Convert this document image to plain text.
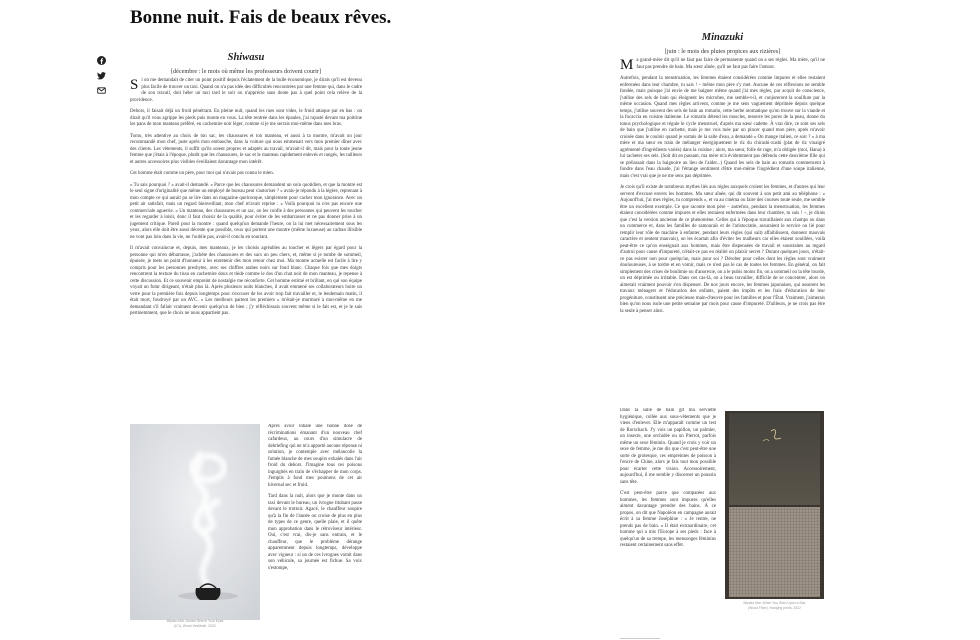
Bonne nuit. Fais de beaux rêves.
Shiwasu
[décembre : le mois où même les professeurs doivent courir]

Si on me demandait de citer un point positif depuis l'éclatement de la bulle économique, je dirais qu'il est devenu plus facile de trouver un taxi. Quand on n'a pas idée des difficultés rencontrées par une femme qui, dans le cadre de son travail, doit héler un taxi tard le soir on n'apprécie sans doute pas à quel point cela relève de la providence.

Dehors, il faisait déjà un froid pénétrant. En pleine nuit, quand les rues sont vides, le froid attaque par en bas : on dirait qu'il vous agrippe les pieds puis monte en vous. La tête rentrée dans les épaules, j'ai rajusté devant ma poitrine les pans de mon manteau préféré, en cachemire noir léger, comme si je me serrais moi-même dans mes bras.

Tomo, très attentive au choix de ton sac, tes chaussures et ton manteau, et aussi à ta montre, m'avait un jour recommandé mon chef, juste après mon embauche, dans la voiture qui nous emmenait vers mon premier dîner avec des clients. Les vêtements, il suffit qu'ils soient propres et adaptés au travail, m'avait-il dit, mais pour la toute jeune femme que j'étais à l'époque, plutôt que les chaussures, le sac et le manteau rapidement enlevés et rangés, les tailleurs et autres accessoires plus visibles éveillaient davantage mon intérêt.

Cet homme était comme un père, pour moi qui n'avais pas connu le mien.

« Tu sais pourquoi ? » avait-il demandé. « Parce que les chaussures demandent un soin quotidien, et que la montre est le seul signe d'originalité que même un employé de bureau peut s'autoriser ? » avais-je répondu à la légère, reprenant à mon compte ce qui aurait pu se lire dans un magazine quelconque, simplement pour cacher mon ignorance. Avec un petit air satisfait, mais un regard bienveillant, mon chef m'avait reprise : « Voilà pourquoi tu n'es pas encore une commerciale aguerrie. » Un manteau, des chaussures et un sac, on les confie à des personnes qui peuvent les toucher et les regarder à loisir, donc il faut choisir de la qualité, pour éviter de les embarrasser et ne pas donner prise à un jugement critique. Pareil pour la montre : quand quelqu'un demande l'heure, on la lui met nécessairement sous les yeux, alors elle doit être aussi décente que possible, ceux qui portent une montre (même luxueuse) au cadran illisible ne vont pas loin dans la vie, ne l'oublie pas, avait-il conclu en souriant.

Il m'avait convaincue et, depuis, mes manteaux, je les choisis agréables au toucher et légers par égard pour la personne qui m'en débarrasse, j'achète des chaussures et des sacs un peu chers, et, même si je tombe de sommeil, épuisée, je mets un point d'honneur à les entretenir dès mon retour chez moi. Ma montre actuelle est facile à lire y compris pour les personnes presbytes, avec ses chiffres arabes noirs sur fond blanc. Chaque fois que mes doigts rencontrent la texture du tissu en cachemire doux et tiède comme le dos d'un chat noir de mon manteau, je repense à cette discussion. Et ce souvenir empreint de nostalgie me réconforte. Cet homme estimé et brillant, en qui son équipe voyait un futur dirigeant, n'était plus là. Après plusieurs nuits blanches, il avait emmené ses collaborateurs boire un verre pour la première fois depuis longtemps pour s'excuser de les avoir trop fait travailler et, le lendemain matin, il était mort, foudroyé par un AVC. « Les meilleurs partent les premiers » m'était-je murmuré à moi-même en me demandant s'il fallait vraiment devenir quelqu'un de bien ; j'y réfléchissais souvent même si le fait est, et je le sais pertinemment, que le choix ne nous appartient pas.

Miyako Mai, Dream Sets in Your Eyes
(ICI), Wood Vestibule, 2022

Après avoir inhalé une bonne dose de récriminations émanant d'un nouveau chef cafardeux, au cours d'un simulacre de debriefing qui ne m'a apporté aucune réponse ni solution, je contemple avec mélancolie la fumée blanche de mes soupirs exhalés dans l'air froid du dehors. J'imagine tous ces poisons ingurgités en train de s'échapper de mon corps. J'emplis à fond mes poumons de cet air hivernal sec et froid.

Tard dans la nuit, alors que je monte dans un taxi devant le bureau, un ivrogne titubant passe devant le trottoir. Agacé, le chauffeur soupire qu'à la fin de l'année on croise de plus en plus de types de ce genre, quelle plaie, et il quête mon approbation dans le rétroviseur intérieur. Oui, c'est vrai, dis-je sans entrain, et le chauffeur, que le problème dérange apparemment depuis longtemps, développe avec vigueur : si un de ces ivrognes vomit dans son véhicule, sa journée est fichue. Sa voix s'estompe,

Minazuki
[juin : le mois des pluies propices aux rizières]

Ma grand-mère dit qu'il ne faut pas faire de permanente quand on a ses règles. Ma mère, qu'il ne faut pas prendre de bain. Ma sœur aînée, qu'il ne faut pas faire l'amour.

Autrefois, pendant la menstruation, les femmes étaient considérées comme impures et elles restaient enfermées dans leur chambre, tu sais ! – même mon père s'y met. Aucune de ces réflexions ne semble fondée, mais puisque j'ai envie de me baigner même quand j'ai mes règles, par acquit de conscience, j'utilise des sels de bain qui éloignent les microbes, me semble-t-il, et conjureront la souillure par la même occasion. Quand mes règles arrivent, comme je me sens vaguement déprimée depuis quelque temps, j'utilise souvent des sels de bain au romarin, cette herbe aromatique qu'on trouve sur la viande et la focaccia en cuisine italienne. Le romarin détend les muscles, resserre les pores de la peau, donne du tonus psychologique et régule le cycle menstruel, d'après ma sœur cadette. À vrai dire, ce sont ses sels de bain que j'utilise en cachette, mais je me vois tuée par un pincer quand mon père, après m'avoir croisée dans le couloir quand je sortais de la salle d'eau, a demandé « On mange italien, ce soir ? » à ma mère et ma sœur en train de mélanger énergiquement le riz du chirashi-zushi (plat de riz vinaigré agrémenté d'ingrédients variés) dans la cuisine ; alors, ma sœur, folle de rage, m'a obligée (moi, Hana) à lui racheter ses sels. (Soit dit en passant, ma mère m'a évidemment pas défendu cette deuxième fille qui se prélassait dans la baignoire au lieu de l'aider...) Quand les sels de bain au romarin commencent à fondre dans l'eau chaude, j'ai l'étrange sentiment d'être moi-même l'ingrédient d'une soupe italienne, mais c'est vrai que je ne me sens pas déprimée.

Je crois qu'il existe de nombreux mythes liés aux règles auxquels croient les femmes, et d'autres qui leur servent d'excuse envers les hommes. Ma sœur aînée, qui dit souvent à son petit ami au téléphone : « Aujourd'hui, j'ai mes règles, tu comprends », et va au cinéma ou faire des courses toute seule, me semble être un excellent exemple. Ce que raconte mon père – autrefois, pendant la menstruation, les femmes étaient considérées comme impures et elles restaient enfermées dans leur chambre, tu sais ! –, je dirais que c'est la version ancienne de ce phénomène. Celles qui à l'époque travaillaient aux champs ou dans un commerce et, dans les familles de samouraïs et de l'aristocratie, assuraient le service ou lié pour remplir leur rôle de machine à enfanter, pendant leurs règles (qui sait) affaiblissent, donnent mauvais caractère et sentent mauvais), on les écartait afin d'éviter les malheurs car elles étaient souillées, voilà peut-être ce qu'on enseignait aux hommes, mais être dispensées de travail et soustraites au regard d'autrui pour cause d'impureté, n'était-ce pas en réalité un plaisir secret ? Durant quelques jours, n'était-ce pas exister non pour quelqu'un, mais pour soi ? Dérober pour celles dont les règles sont vraiment douloureuses, à se tordre et en vomir, mais ce n'est pas le cas de toutes les femmes. En général, on fait simplement des crises de boulimie ou d'anorexie, on a le pubis moins fin, on a sommeil ou la tête lourde, on est déprimée ou irritable. Dans ces cas-là, on a beau travailler, difficile de se concentrer, alors on aimerait vraiment pouvoir s'en dispenser. De nos jours encore, les femmes japonaises, qui assurent les travaux ménagers et l'éducation des enfants, paient des impôts et les frais d'éducation de leur progéniture, constituent une précieuse main-d'œuvre pour les familles et pour l'État. Vraiment, j'aimerais bien qu'on nous isole une petite semaine par mois pour cause d'impureté. D'ailleurs, je ne crois pas être la seule à penser ainsi.

Dans la salle de bain gît ma serviette hygiénique, collée aux sous-vêtements que je viens d'enlever. Elle m'apparaît comme un test de Rorschach. J'y vois un papillon, un palmier, un insecte, une orchidée ou un Pierrot, parfois même un sexe féminin. Quand je crois y voir un sexe de femme, je me dis que c'est peut-être une sorte de grotesque, ces empreintes de poisson à l'encre de Chine, alors je fais tout mon possible pour écarter cette vision. Accessoirement, aujourd'hui, il me semble y discerner un poussin sans tête.

C'est peut-être parce que comparées aux hommes, les femmes sont impures qu'elles aiment davantage prendre des bains. À ce propos, on dit que Napoléon en campagne aurait écrit à sa femme Joséphine : « Je rentre, ne prends pas de bain. » Il était extraordinaire, cet homme qui a mis l'Europe à ses pieds : face à quelqu'un de sa trempe, les mensonges féminins restaient certainement sans effet.

Miyako Mai, When You Wish Upon a Star
(Wood Fiber), Hanging prints, 2022
